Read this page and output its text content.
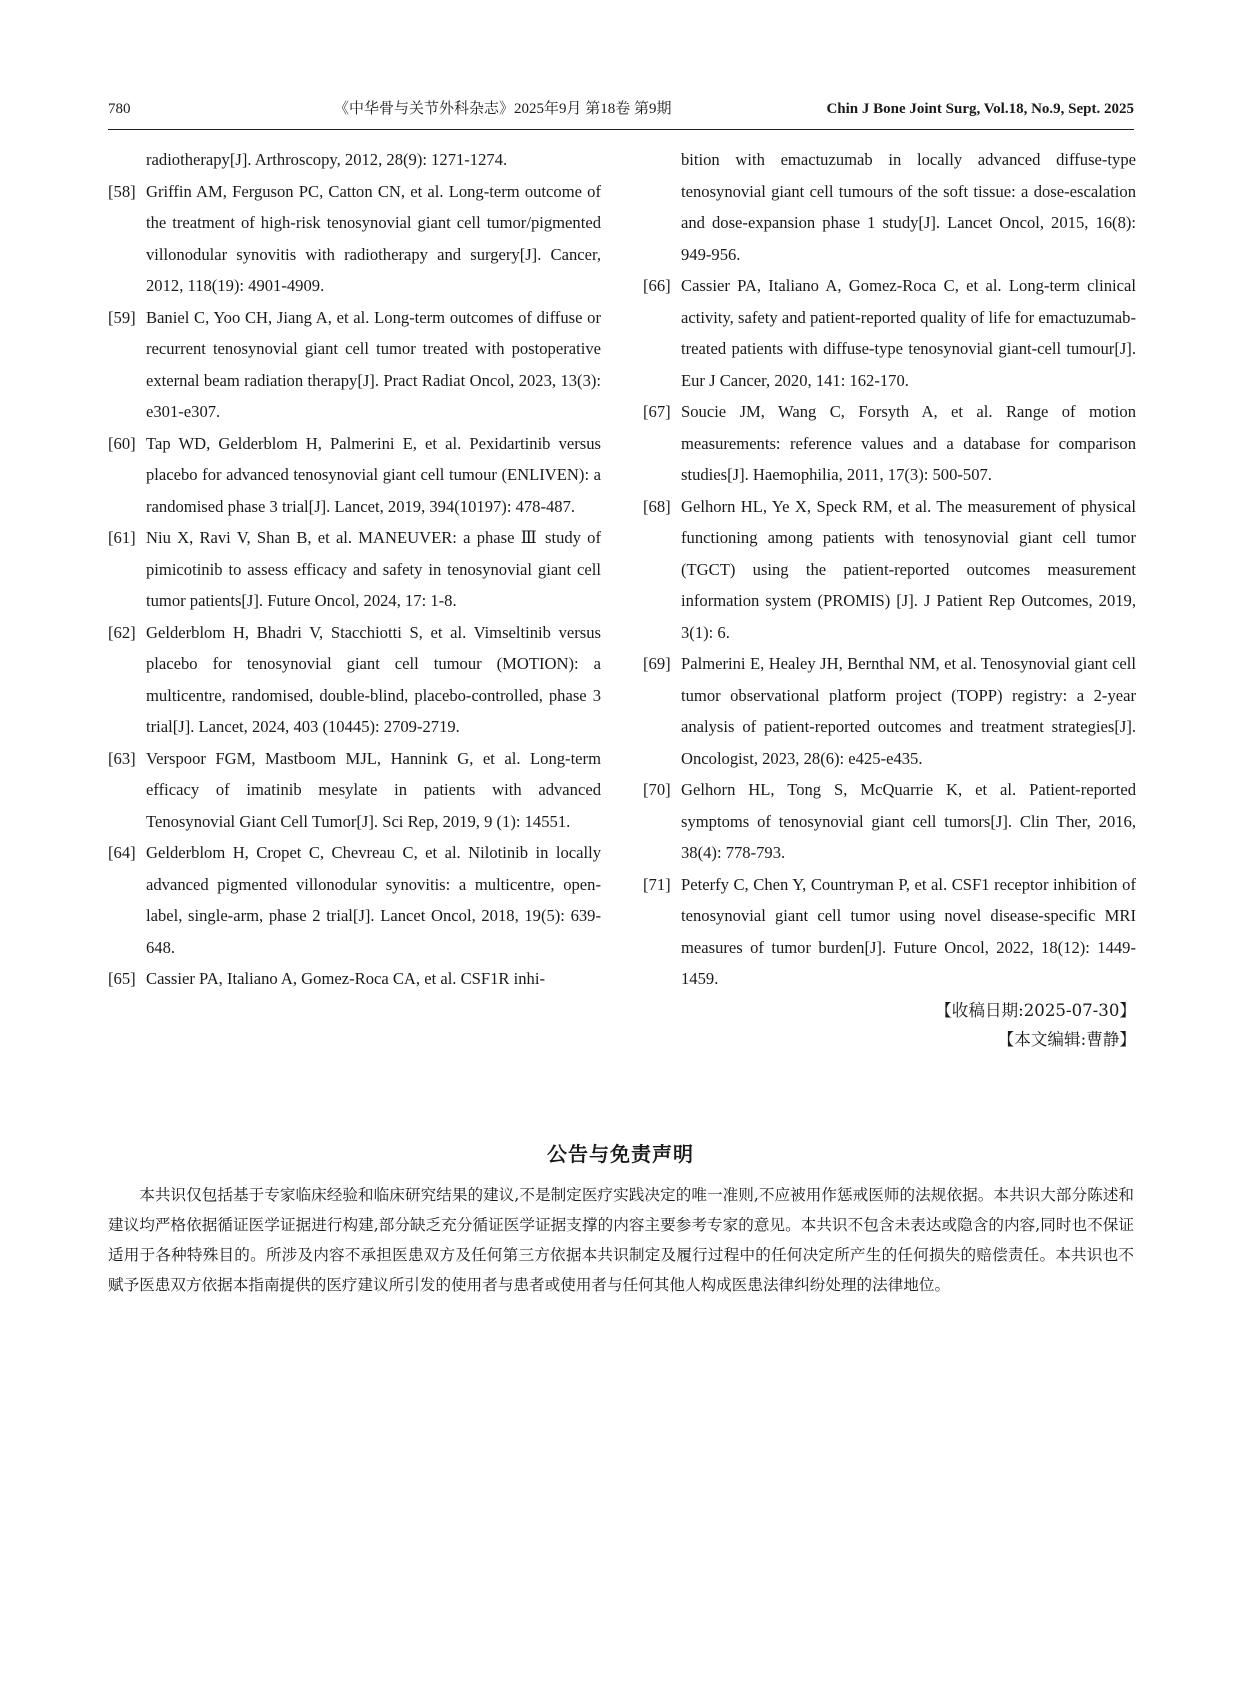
780	《中华骨与关节外科杂志》2025年9月 第18卷 第9期	Chin J Bone Joint Surg, Vol.18, No.9, Sept. 2025
radiotherapy[J]. Arthroscopy, 2012, 28(9): 1271-1274.
[58] Griffin AM, Ferguson PC, Catton CN, et al. Long-term outcome of the treatment of high-risk tenosynovial giant cell tumor/pigmented villonodular synovitis with radiotherapy and surgery[J]. Cancer, 2012, 118(19): 4901-4909.
[59] Baniel C, Yoo CH, Jiang A, et al. Long-term outcomes of diffuse or recurrent tenosynovial giant cell tumor treated with postoperative external beam radiation therapy[J]. Pract Radiat Oncol, 2023, 13(3): e301-e307.
[60] Tap WD, Gelderblom H, Palmerini E, et al. Pexidartinib versus placebo for advanced tenosynovial giant cell tumour (ENLIVEN): a randomised phase 3 trial[J]. Lancet, 2019, 394(10197): 478-487.
[61] Niu X, Ravi V, Shan B, et al. MANEUVER: a phase Ⅲ study of pimicotinib to assess efficacy and safety in tenosynovial giant cell tumor patients[J]. Future Oncol, 2024, 17: 1-8.
[62] Gelderblom H, Bhadri V, Stacchiotti S, et al. Vimseltinib versus placebo for tenosynovial giant cell tumour (MOTION): a multicentre, randomised, double-blind, placebo-controlled, phase 3 trial[J]. Lancet, 2024, 403 (10445): 2709-2719.
[63] Verspoor FGM, Mastboom MJL, Hannink G, et al. Long-term efficacy of imatinib mesylate in patients with advanced Tenosynovial Giant Cell Tumor[J]. Sci Rep, 2019, 9 (1): 14551.
[64] Gelderblom H, Cropet C, Chevreau C, et al. Nilotinib in locally advanced pigmented villonodular synovitis: a multicentre, open-label, single-arm, phase 2 trial[J]. Lancet Oncol, 2018, 19(5): 639-648.
[65] Cassier PA, Italiano A, Gomez-Roca CA, et al. CSF1R inhi-
bition with emactuzumab in locally advanced diffuse-type tenosynovial giant cell tumours of the soft tissue: a dose-escalation and dose-expansion phase 1 study[J]. Lancet Oncol, 2015, 16(8): 949-956.
[66] Cassier PA, Italiano A, Gomez-Roca C, et al. Long-term clinical activity, safety and patient-reported quality of life for emactuzumab-treated patients with diffuse-type tenosynovial giant-cell tumour[J]. Eur J Cancer, 2020, 141: 162-170.
[67] Soucie JM, Wang C, Forsyth A, et al. Range of motion measurements: reference values and a database for comparison studies[J]. Haemophilia, 2011, 17(3): 500-507.
[68] Gelhorn HL, Ye X, Speck RM, et al. The measurement of physical functioning among patients with tenosynovial giant cell tumor (TGCT) using the patient-reported outcomes measurement information system (PROMIS) [J]. J Patient Rep Outcomes, 2019, 3(1): 6.
[69] Palmerini E, Healey JH, Bernthal NM, et al. Tenosynovial giant cell tumor observational platform project (TOPP) registry: a 2-year analysis of patient-reported outcomes and treatment strategies[J]. Oncologist, 2023, 28(6): e425-e435.
[70] Gelhorn HL, Tong S, McQuarrie K, et al. Patient-reported symptoms of tenosynovial giant cell tumors[J]. Clin Ther, 2016, 38(4): 778-793.
[71] Peterfy C, Chen Y, Countryman P, et al. CSF1 receptor inhibition of tenosynovial giant cell tumor using novel disease-specific MRI measures of tumor burden[J]. Future Oncol, 2022, 18(12): 1449-1459.
【收稿日期:2025-07-30】
【本文编辑:曹静】
公告与免责声明
本共识仅包括基于专家临床经验和临床研究结果的建议,不是制定医疗实践决定的唯一准则,不应被用作惩戒医师的法规依据。本共识大部分陈述和建议均严格依据循证医学证据进行构建,部分缺乏充分循证医学证据支撑的内容主要参考专家的意见。本共识不包含未表达或隐含的内容,同时也不保证适用于各种特殊目的。所涉及内容不承担医患双方及任何第三方依据本共识制定及履行过程中的任何决定所产生的任何损失的赔偿责任。本共识也不赋予医患双方依据本指南提供的医疗建议所引发的使用者与患者或使用者与任何其他人构成医患法律纠纷处理的法律地位。
